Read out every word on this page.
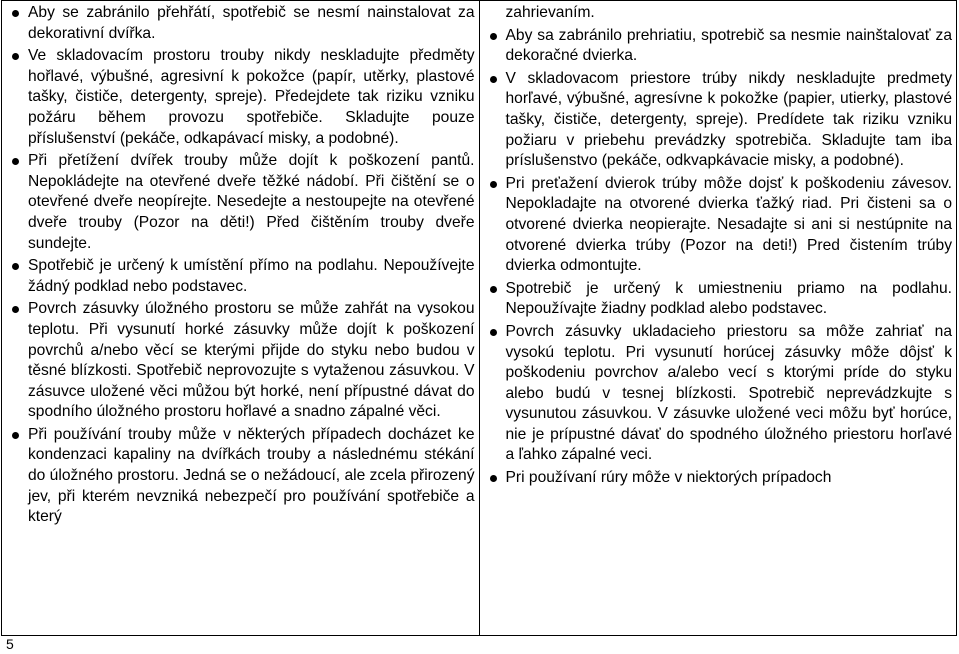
Aby se zabránilo přehřátí, spotřebič se nesmí nainstalovat za dekorativní dvířka.
Ve skladovacím prostoru trouby nikdy neskladujte předměty hořlavé, výbušné, agresivní k pokožce (papír, utěrky, plastové tašky, čističe, detergenty, spreje). Předejdete tak riziku vzniku požáru během provozu spotřebiče. Skladujte pouze příslušenství (pekáče, odkapávací misky, a podobné).
Při přetížení dvířek trouby může dojít k poškození pantů. Nepokládejte na otevřené dveře těžké nádobí. Při čištění se o otevřené dveře neopírejte. Nesedejte a nestoupejte na otevřené dveře trouby (Pozor na děti!) Před čištěním trouby dveře sundejte.
Spotřebič je určený k umístění přímo na podlahu. Nepoužívejte žádný podklad nebo podstavec.
Povrch zásuvky úložného prostoru se může zahřát na vysokou teplotu. Při vysunutí horké zásuvky může dojít k poškození povrchů a/nebo věcí se kterými přijde do styku nebo budou v těsné blízkosti. Spotřebič neprovozujte s vytaženou zásuvkou. V zásuvce uložené věci můžou být horké, není přípustné dávat do spodního úložného prostoru hořlavé a snadno zápalné věci.
Při používání trouby může v některých případech docházet ke kondenzaci kapaliny na dvířkách trouby a následnému stékání do úložného prostoru. Jedná se o nežádoucí, ale zcela přirozený jev, při kterém nevzniká nebezpečí pro používání spotřebiče a který
zahrievaním.
Aby sa zabránilo prehriatiu, spotrebič sa nesmie nainštalovať za dekoračné dvierka.
V skladovacom priestore trúby nikdy neskladujte predmety horľavé, výbušné, agresívne k pokožke (papier, utierky, plastové tašky, čističe, detergenty, spreje). Predídete tak riziku vzniku požiaru v priebehu prevádzky spotrebiča. Skladujte tam iba príslušenstvo (pekáče, odkvapkávacie misky, a podobné).
Pri preťažení dvierok trúby môže dojsť k poškodeniu závesov. Nepokladajte na otvorené dvierka ťažký riad. Pri čisteni sa o otvorené dvierka neopierajte. Nesadajte si ani si nestúpnite na otvorené dvierka trúby (Pozor na deti!) Pred čistením trúby dvierka odmontujte.
Spotrebič je určený k umiestneniu priamo na podlahu. Nepoužívajte žiadny podklad alebo podstavec.
Povrch zásuvky ukladacieho priestoru sa môže zahriať na vysokú teplotu. Pri vysunutí horúcej zásuvky môže dôjsť k poškodeniu povrchov a/alebo vecí s ktorými príde do styku alebo budú v tesnej blízkosti. Spotrebič neprevádzkujte s vysunutou zásuvkou. V zásuvke uložené veci môžu byť horúce, nie je prípustné dávať do spodného úložného priestoru horľavé a ľahko zápalné veci.
Pri používaní rúry môže v niektorých prípadoch
5
